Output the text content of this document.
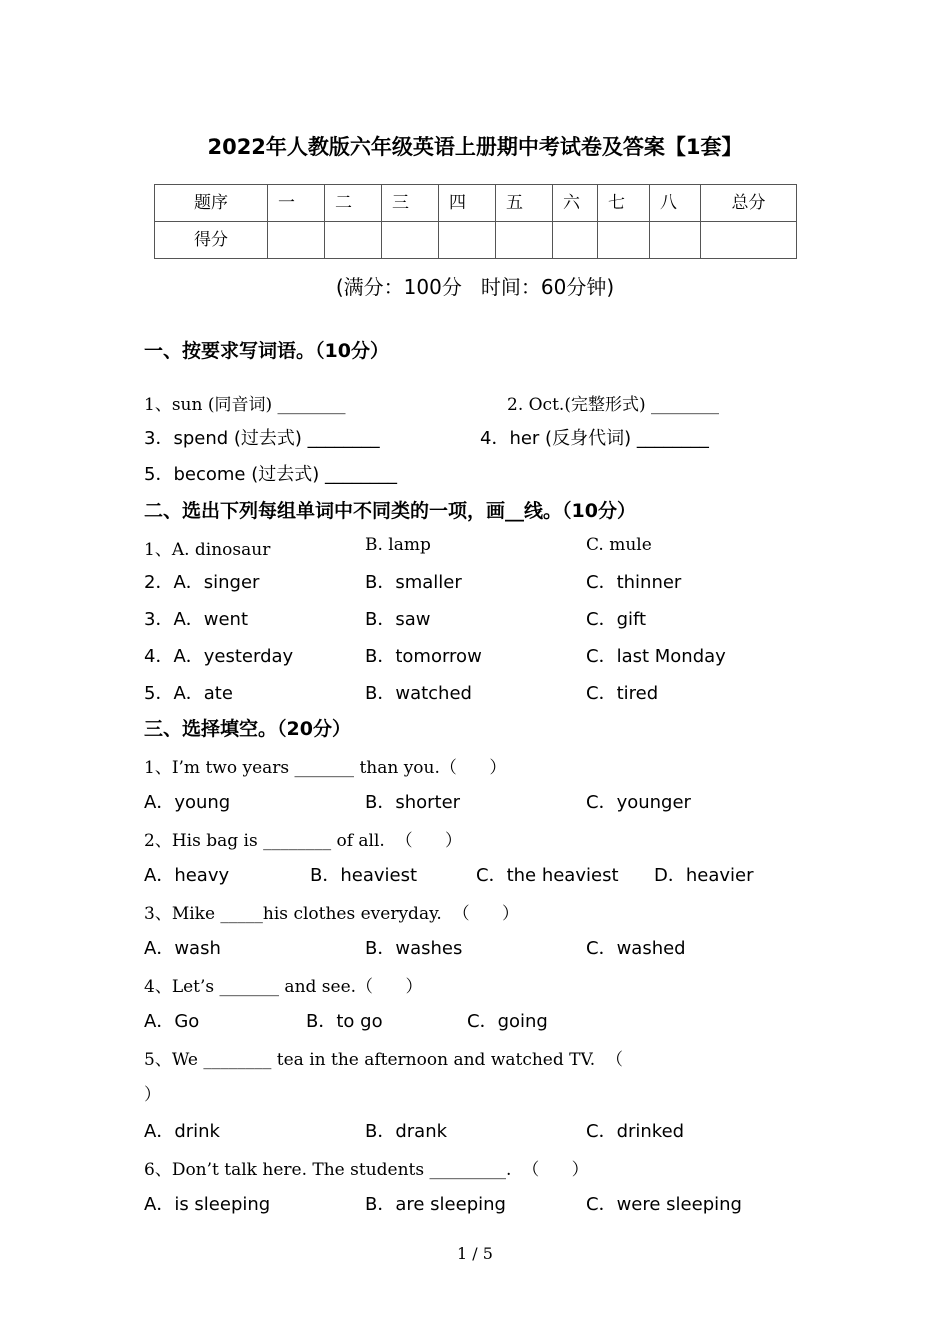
2022年人教版六年级英语上册期中考试卷及答案【1套】
题序	一	二	三	四	五	六	七	八	总分

得分									

(满分：100分   时间：60分钟)
一、按要求写词语。（10分）
1、sun (同音词) ________	2. Oct.(完整形式) ________
3．spend (过去式) ________	4．her (反身代词) ________
5．become (过去式) ________
二、选出下列每组单词中不同类的一项，画__线。（10分）
1、A. dinosaur	B. lamp	C. mule
2．A．singer	B．smaller	C．thinner
3．A．went	B．saw	C．gift
4．A．yesterday	B．tomorrow	C．last Monday
5．A．ate	B．watched	C．tired
三、选择填空。（20分）
1、I’m two years _______ than you.（      ）
A．young	B．shorter	C．younger
2、His bag is ________ of all.  （      ）
A．heavy	B．heaviest	C．the heaviest D．heavier
3、Mike _____his clothes everyday.  （      ）
A．wash	B．washes	C．washed
4、Let’s _______ and see.（      ）
A．Go	B．to go	C．going
5、We ________ tea in the afternoon and watched TV.  （
）
A．drink	B．drank	C．drinked
6、Don’t talk here. The students _________.  （      ）
A．is sleeping	B．are sleeping	C．were sleeping
1 / 5
